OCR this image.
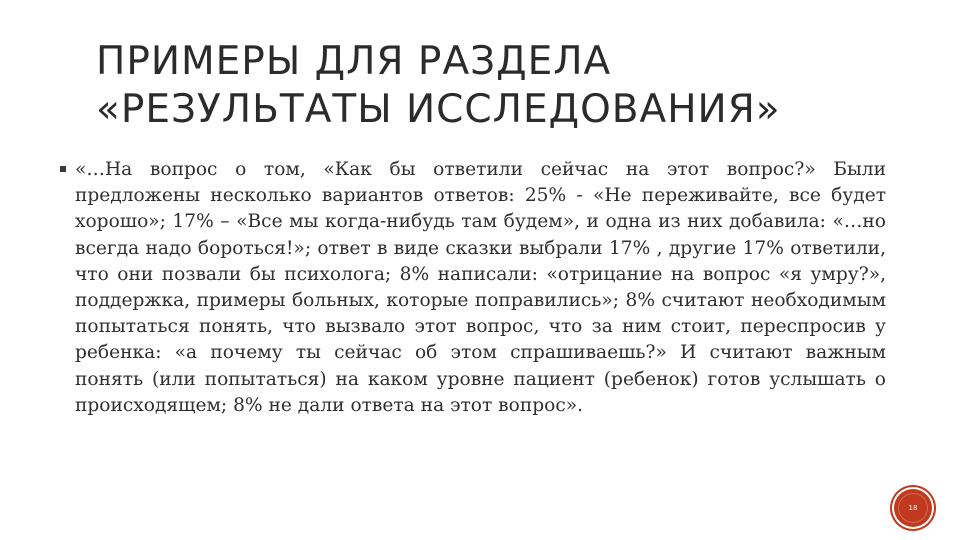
ПРИМЕРЫ ДЛЯ РАЗДЕЛА
«РЕЗУЛЬТАТЫ ИССЛЕДОВАНИЯ»

«…На вопрос о том, «Как бы ответили сейчас на этот вопрос?» Были предложены несколько вариантов ответов: 25% - «Не переживайте, все будет хорошо»; 17% – «Все мы когда-нибудь там будем», и одна из них добавила: «…но всегда надо бороться!»; ответ в виде сказки выбрали 17% , другие 17% ответили, что они позвали бы психолога; 8% написали: «отрицание на вопрос «я умру?», поддержка, примеры больных, которые поправились»; 8% считают необходимым попытаться понять, что вызвало этот вопрос, что за ним стоит, переспросив у ребенка: «а почему ты сейчас об этом спрашиваешь?» И считают важным понять (или попытаться) на каком уровне пациент (ребенок) готов услышать о происходящем; 8% не дали ответа на этот вопрос».

18
